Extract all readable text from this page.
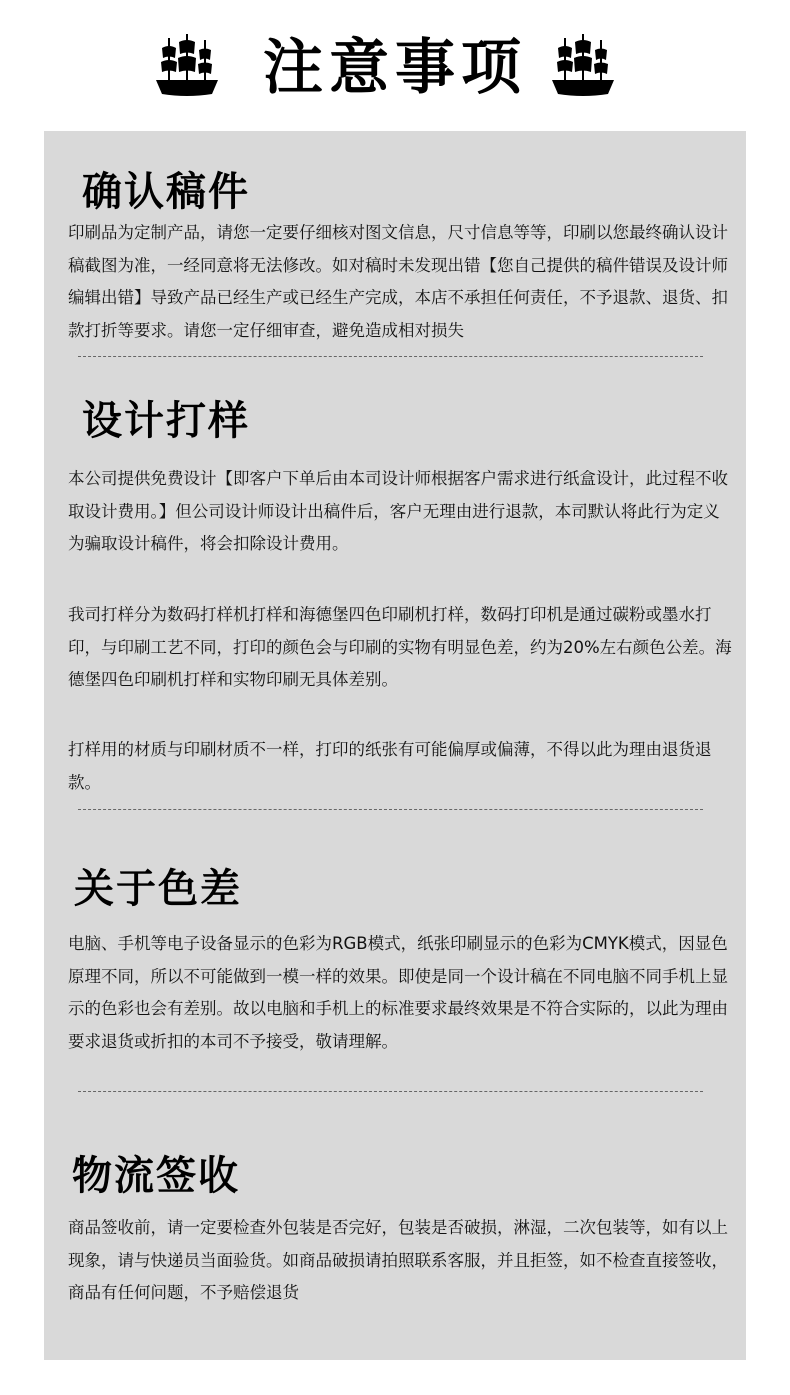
注意事项
确认稿件
印刷品为定制产品，请您一定要仔细核对图文信息，尺寸信息等等，印刷以您最终确认设计稿截图为准，一经同意将无法修改。如对稿时未发现出错【您自己提供的稿件错误及设计师编辑出错】导致产品已经生产或已经生产完成，本店不承担任何责任，不予退款、退货、扣款打折等要求。请您一定仔细审查，避免造成相对损失
设计打样
本公司提供免费设计【即客户下单后由本司设计师根据客户需求进行纸盒设计，此过程不收取设计费用。】但公司设计师设计出稿件后，客户无理由进行退款，本司默认将此行为定义为骗取设计稿件，将会扣除设计费用。
我司打样分为数码打样机打样和海德堡四色印刷机打样，数码打印机是通过碳粉或墨水打印，与印刷工艺不同，打印的颜色会与印刷的实物有明显色差，约为20%左右颜色公差。海德堡四色印刷机打样和实物印刷无具体差别。
打样用的材质与印刷材质不一样，打印的纸张有可能偏厚或偏薄，不得以此为理由退货退款。
关于色差
电脑、手机等电子设备显示的色彩为RGB模式，纸张印刷显示的色彩为CMYK模式，因显色原理不同，所以不可能做到一模一样的效果。即使是同一个设计稿在不同电脑不同手机上显示的色彩也会有差别。故以电脑和手机上的标准要求最终效果是不符合实际的，以此为理由要求退货或折扣的本司不予接受，敬请理解。
物流签收
商品签收前，请一定要检查外包装是否完好，包装是否破损，淋湿，二次包装等，如有以上现象，请与快递员当面验货。如商品破损请拍照联系客服，并且拒签，如不检查直接签收，商品有任何问题，不予赔偿退货
